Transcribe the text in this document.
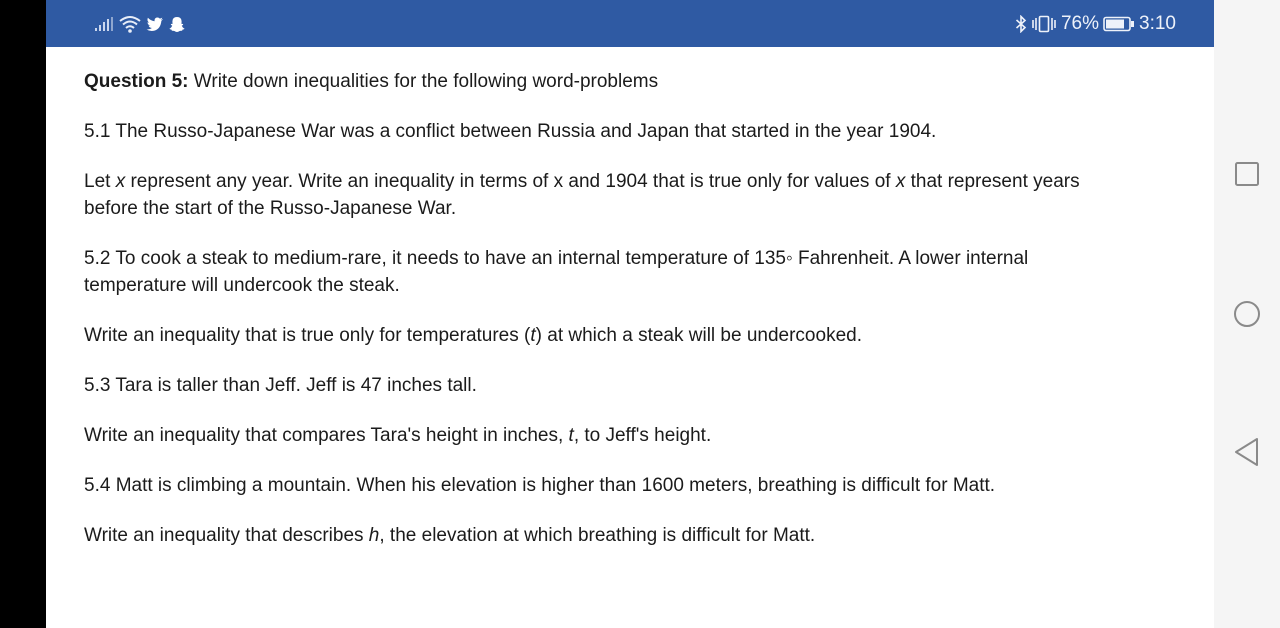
76% 3:10

Question 5: Write down inequalities for the following word-problems

5.1 The Russo-Japanese War was a conflict between Russia and Japan that started in the year 1904.

Let x represent any year. Write an inequality in terms of x and 1904 that is true only for values of x that represent years before the start of the Russo-Japanese War.

5.2 To cook a steak to medium-rare, it needs to have an internal temperature of 135◦ Fahrenheit. A lower internal temperature will undercook the steak.

Write an inequality that is true only for temperatures (t) at which a steak will be undercooked.

5.3 Tara is taller than Jeff. Jeff is 47 inches tall.

Write an inequality that compares Tara's height in inches, t, to Jeff's height.

5.4 Matt is climbing a mountain. When his elevation is higher than 1600 meters, breathing is difficult for Matt.

Write an inequality that describes h, the elevation at which breathing is difficult for Matt.
